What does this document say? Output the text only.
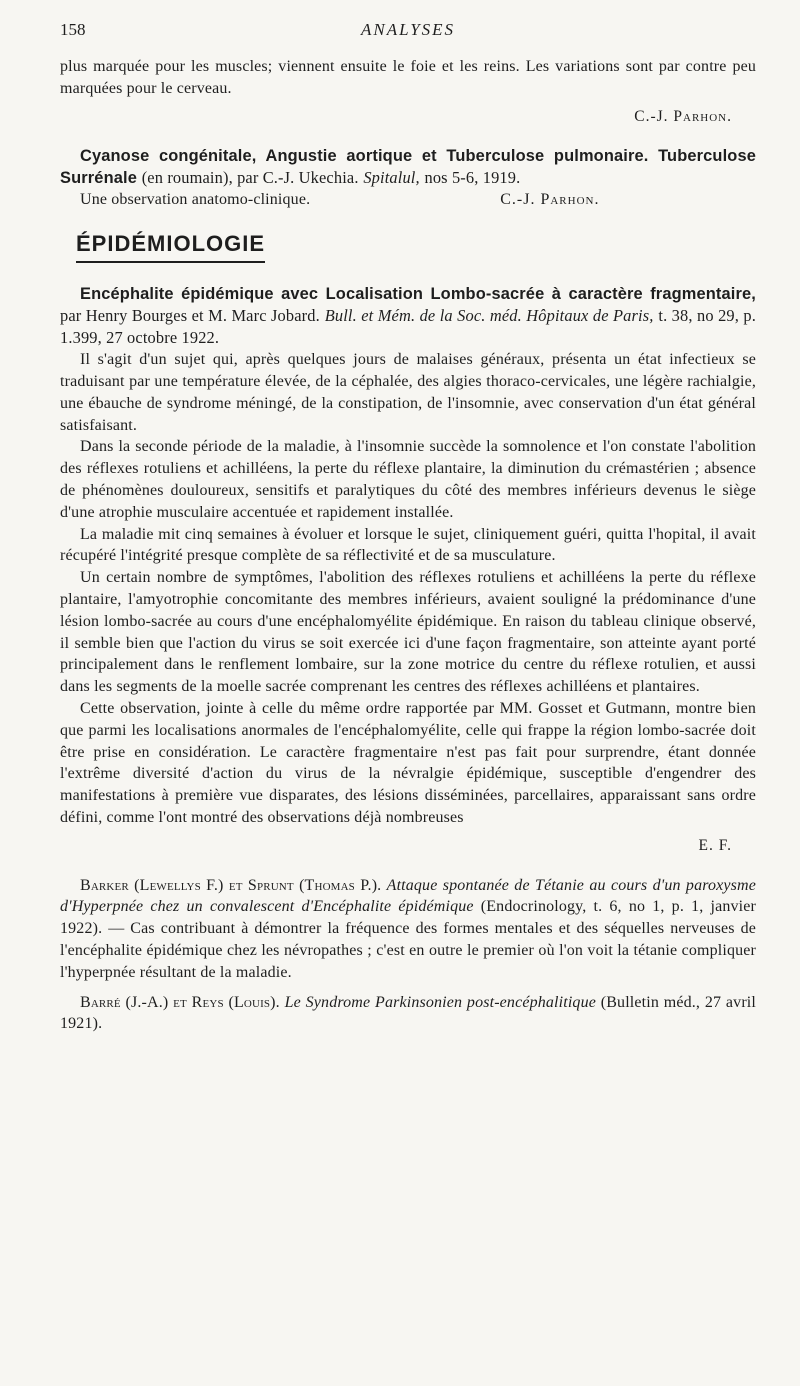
158	ANALYSES

plus marquée pour les muscles; viennent ensuite le foie et les reins. Les variations sont par contre peu marquées pour le cerveau.

C.-J. Parhon.

Cyanose congénitale, Angustie aortique et Tuberculose pulmonaire. Tuberculose Surrénale (en roumain), par C.-J. Ukechia. Spitalul, nos 5-6, 1919.

Une observation anatomo-clinique.	C.-J. Parhon.

ÉPIDÉMIOLOGIE

Encéphalite épidémique avec Localisation Lombo-sacrée à caractère fragmentaire, par Henry Bourges et M. Marc Jobard. Bull. et Mém. de la Soc. méd. Hôpitaux de Paris, t. 38, no 29, p. 1.399, 27 octobre 1922.

Il s'agit d'un sujet qui, après quelques jours de malaises généraux, présenta un état infectieux se traduisant par une température élevée, de la céphalée, des algies thoraco-cervicales, une légère rachialgie, une ébauche de syndrome méningé, de la constipation, de l'insomnie, avec conservation d'un état général satisfaisant.

Dans la seconde période de la maladie, à l'insomnie succède la somnolence et l'on constate l'abolition des réflexes rotuliens et achilléens, la perte du réflexe plantaire, la diminution du crémastérien ; absence de phénomènes douloureux, sensitifs et paralytiques du côté des membres inférieurs devenus le siège d'une atrophie musculaire accentuée et rapidement installée.

La maladie mit cinq semaines à évoluer et lorsque le sujet, cliniquement guéri, quitta l'hopital, il avait récupéré l'intégrité presque complète de sa réflectivité et de sa musculature.

Un certain nombre de symptômes, l'abolition des réflexes rotuliens et achilléens la perte du réflexe plantaire, l'amyotrophie concomitante des membres inférieurs, avaient souligné la prédominance d'une lésion lombo-sacrée au cours d'une encéphalomyélite épidémique. En raison du tableau clinique observé, il semble bien que l'action du virus se soit exercée ici d'une façon fragmentaire, son atteinte ayant porté principalement dans le renflement lombaire, sur la zone motrice du centre du réflexe rotulien, et aussi dans les segments de la moelle sacrée comprenant les centres des réflexes achilléens et plantaires.

Cette observation, jointe à celle du même ordre rapportée par MM. Gosset et Gutmann, montre bien que parmi les localisations anormales de l'encéphalomyélite, celle qui frappe la région lombo-sacrée doit être prise en considération. Le caractère fragmentaire n'est pas fait pour surprendre, étant donnée l'extrême diversité d'action du virus de la névralgie épidémique, susceptible d'engendrer des manifestations à première vue disparates, des lésions disséminées, parcellaires, apparaissant sans ordre défini, comme l'ont montré des observations déjà nombreuses

E. F.

Barker (Lewellys F.) et Sprunt (Thomas P.). Attaque spontanée de Tétanie au cours d'un paroxysme d'Hyperpnée chez un convalescent d'Encéphalite épidémique (Endocrinology, t. 6, no 1, p. 1, janvier 1922). — Cas contribuant à démontrer la fréquence des formes mentales et des séquelles nerveuses de l'encéphalite épidémique chez les névropathes ; c'est en outre le premier où l'on voit la tétanie compliquer l'hyperpnée résultant de la maladie.

Barré (J.-A.) et Reys (Louis). Le Syndrome Parkinsonien post-encéphalitique (Bulletin méd., 27 avril 1921).
